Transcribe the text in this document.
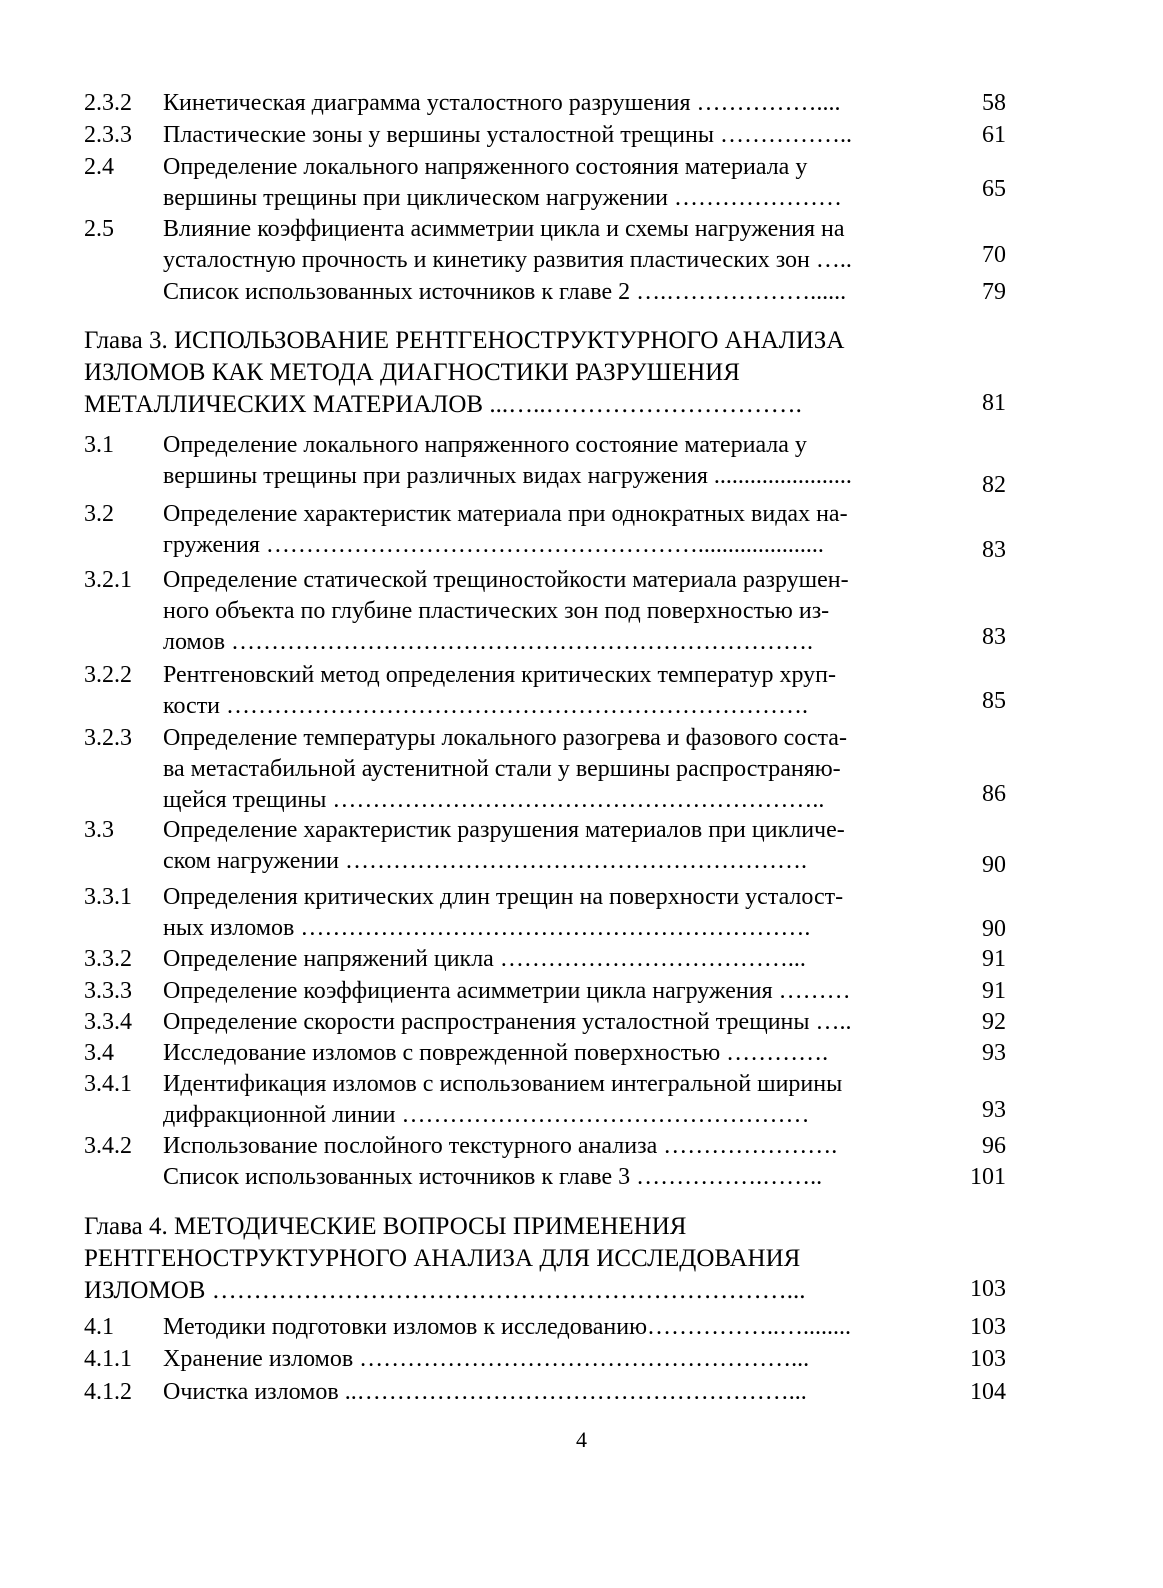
2.3.2 Кинетическая диаграмма усталостного разрушения ……………....	58
2.3.3 Пластические зоны у вершины усталостной трещины ……………..	61
2.4 Определение локального напряженного состояния материала у
вершины трещины при циклическом нагружении …………………	65
2.5 Влияние коэффициента асимметрии цикла и схемы нагружения на
усталостную прочность и кинетику развития пластических зон …..	70
Список использованных источников к главе 2 ….………………......	79
Глава 3. ИСПОЛЬЗОВАНИЕ РЕНТГЕНОСТРУКТУРНОГО АНАЛИЗА
ИЗЛОМОВ КАК МЕТОДА ДИАГНОСТИКИ РАЗРУШЕНИЯ
МЕТАЛЛИЧЕСКИХ МАТЕРИАЛОВ ...…..………………………….	81
3.1 Определение локального напряженного состояние материала у
вершины трещины при различных видах нагружения .......................	82
3.2 Определение характеристик материала при однократных видах на-
гружения ……………………………………………….....................	83
3.2.1 Определение статической трещиностойкости материала разрушен-
ного объекта по глубине пластических зон под поверхностью из-
ломов ……………………………………………………………….	83
3.2.2 Рентгеновский метод определения критических температур хруп-
кости ……………………………………………………………….	85
3.2.3 Определение температуры локального разогрева и фазового соста-
ва метастабильной аустенитной стали у вершины распространяю-
щейся трещины ……………………………………………………..	86
3.3 Определение характеристик разрушения материалов при цикличе-
ском нагружении ………………………………………………….	90
3.3.1 Определения критических длин трещин на поверхности усталост-
ных изломов ……………………………………………………….	90
3.3.2 Определение напряжений цикла ………………………………...	91
3.3.3 Определение коэффициента асимметрии цикла нагружения ………	91
3.3.4 Определение скорости распространения усталостной трещины …..	92
3.4 Исследование изломов с поврежденной поверхностью ………….	93
3.4.1 Идентификация изломов с использованием интегральной ширины
дифракционной линии ……………………………………………	93
3.4.2 Использование послойного текстурного анализа ………………….	96
Список использованных источников к главе 3 …………….……..	101
Глава 4. МЕТОДИЧЕСКИЕ ВОПРОСЫ ПРИМЕНЕНИЯ
РЕНТГЕНОСТРУКТУРНОГО АНАЛИЗА ДЛЯ ИССЛЕДОВАНИЯ
ИЗЛОМОВ ……………………………………………………………...	103
4.1 Методики подготовки изломов к исследованию……………..…........	103
4.1.1 Хранение изломов ………………………………………………...	103
4.1.2 Очистка изломов ..………………………………………………...	104
4
